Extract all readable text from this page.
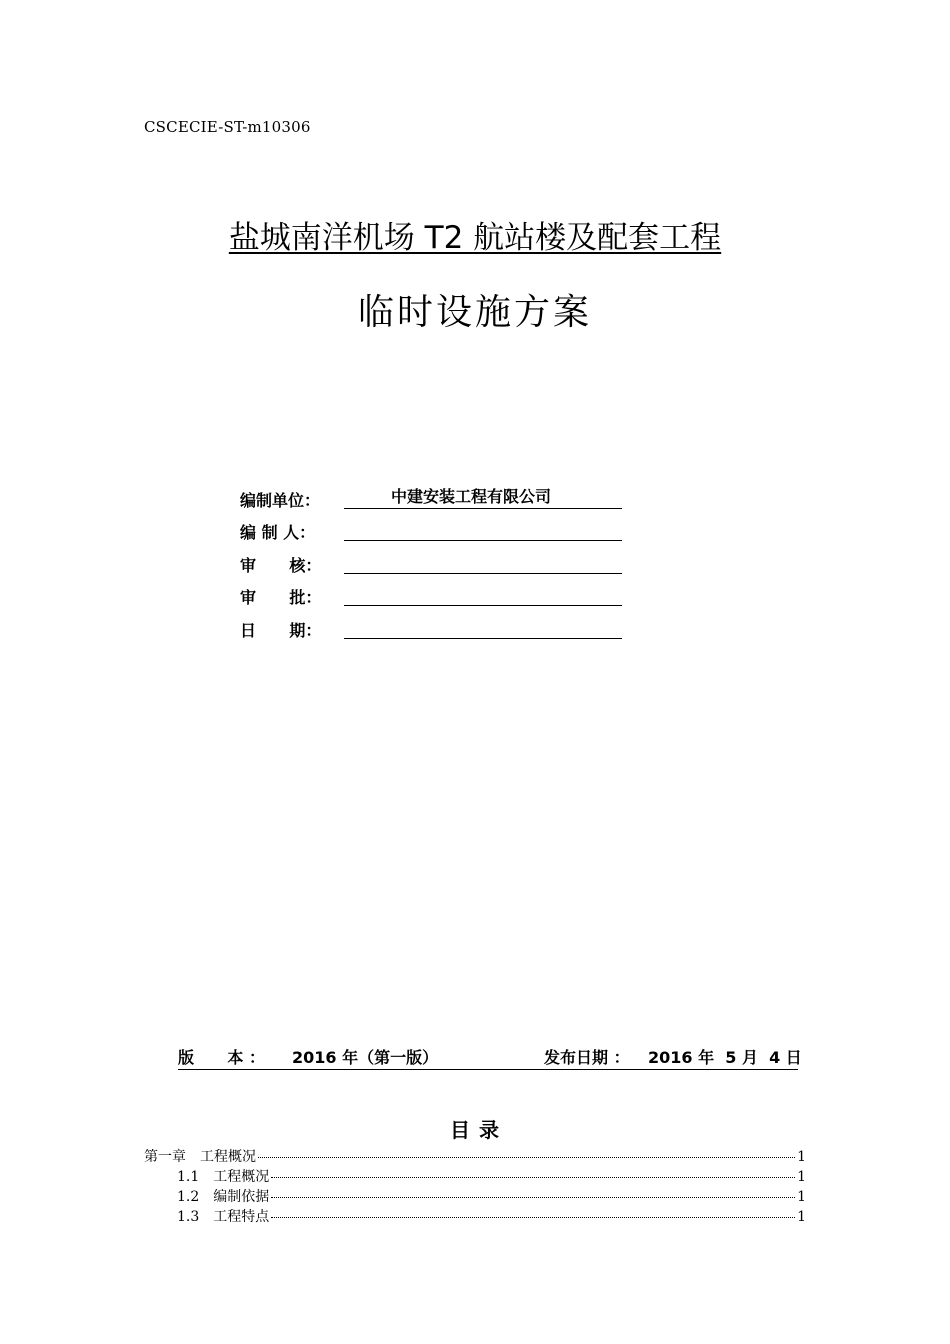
CSCECIE-ST-m10306
盐城南洋机场 T2 航站楼及配套工程
临时设施方案
编制单位：	中建安装工程有限公司
编 制 人：
审      核：
审      批：
日      期：
版      本 ： 2016 年（第一版）	发布日期 ： 2016 年  5 月  4 日
目 录
第一章 工程概况	1
1.1 工程概况	1
1.2 编制依据	1
1.3 工程特点	1
